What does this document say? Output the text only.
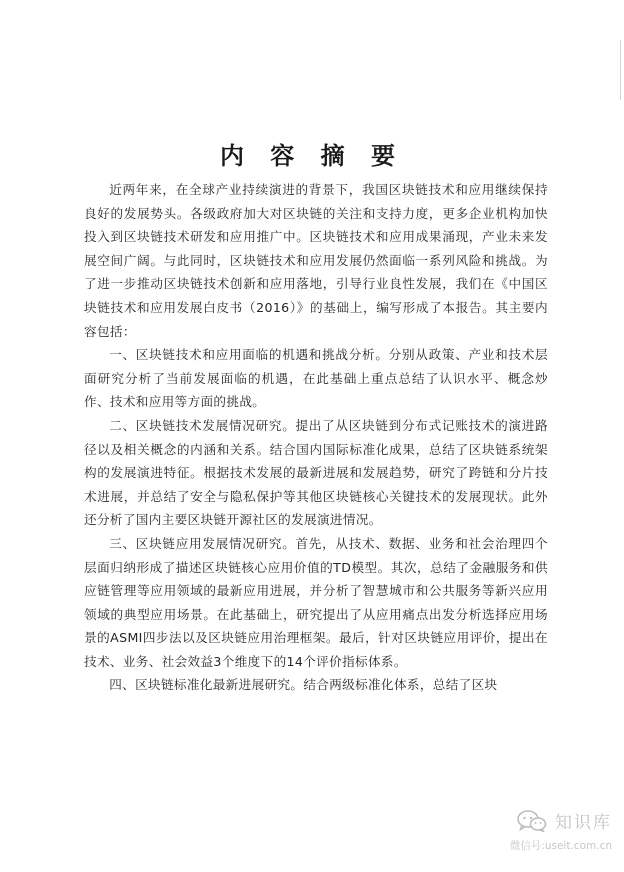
内 容 摘 要

近两年来，在全球产业持续演进的背景下，我国区块链技术和应用继续保持良好的发展势头。各级政府加大对区块链的关注和支持力度，更多企业机构加快投入到区块链技术研发和应用推广中。区块链技术和应用成果涌现，产业未来发展空间广阔。与此同时，区块链技术和应用发展仍然面临一系列风险和挑战。为了进一步推动区块链技术创新和应用落地，引导行业良性发展，我们在《中国区块链技术和应用发展白皮书（2016）》的基础上，编写形成了本报告。其主要内容包括：

一、区块链技术和应用面临的机遇和挑战分析。分别从政策、产业和技术层面研究分析了当前发展面临的机遇，在此基础上重点总结了认识水平、概念炒作、技术和应用等方面的挑战。

二、区块链技术发展情况研究。提出了从区块链到分布式记账技术的演进路径以及相关概念的内涵和关系。结合国内国际标准化成果，总结了区块链系统架构的发展演进特征。根据技术发展的最新进展和发展趋势，研究了跨链和分片技术进展，并总结了安全与隐私保护等其他区块链核心关键技术的发展现状。此外还分析了国内主要区块链开源社区的发展演进情况。

三、区块链应用发展情况研究。首先，从技术、数据、业务和社会治理四个层面归纳形成了描述区块链核心应用价值的TD模型。其次，总结了金融服务和供应链管理等应用领域的最新应用进展，并分析了智慧城市和公共服务等新兴应用领域的典型应用场景。在此基础上，研究提出了从应用痛点出发分析选择应用场景的ASMI四步法以及区块链应用治理框架。最后，针对区块链应用评价，提出在技术、业务、社会效益3个维度下的14个评价指标体系。

四、区块链标准化最新进展研究。结合两级标准化体系，总结了区块

知识库
微信号:useit.com.cn
